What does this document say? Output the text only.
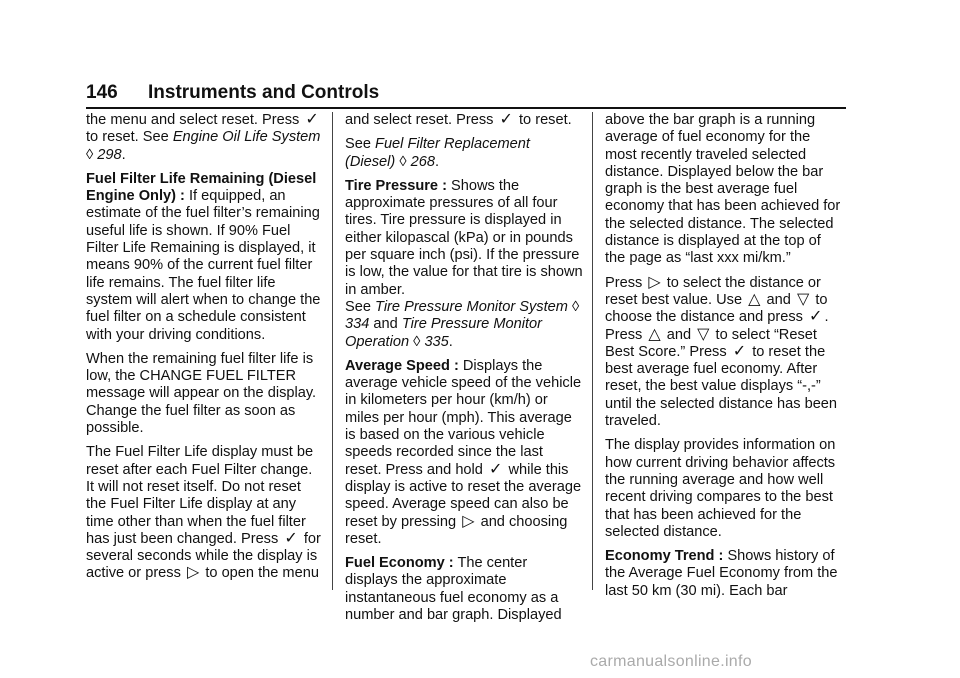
146 Instruments and Controls

the menu and select reset. Press ✓ to reset. See Engine Oil Life System ◊ 298.

Fuel Filter Life Remaining (Diesel Engine Only) : If equipped, an estimate of the fuel filter’s remaining useful life is shown. If 90% Fuel Filter Life Remaining is displayed, it means 90% of the current fuel filter life remains. The fuel filter life system will alert when to change the fuel filter on a schedule consistent with your driving conditions.

When the remaining fuel filter life is low, the CHANGE FUEL FILTER message will appear on the display. Change the fuel filter as soon as possible.

The Fuel Filter Life display must be reset after each Fuel Filter change. It will not reset itself. Do not reset the Fuel Filter Life display at any time other than when the fuel filter has just been changed. Press ✓ for several seconds while the display is active or press ▷ to open the menu

and select reset. Press ✓ to reset.

See Fuel Filter Replacement (Diesel) ◊ 268.

Tire Pressure : Shows the approximate pressures of all four tires. Tire pressure is displayed in either kilopascal (kPa) or in pounds per square inch (psi). If the pressure is low, the value for that tire is shown in amber.
See Tire Pressure Monitor System ◊ 334 and Tire Pressure Monitor Operation ◊ 335.

Average Speed : Displays the average vehicle speed of the vehicle in kilometers per hour (km/h) or miles per hour (mph). This average is based on the various vehicle speeds recorded since the last reset. Press and hold ✓ while this display is active to reset the average speed. Average speed can also be reset by pressing ▷ and choosing reset.

Fuel Economy : The center displays the approximate instantaneous fuel economy as a number and bar graph. Displayed

above the bar graph is a running average of fuel economy for the most recently traveled selected distance. Displayed below the bar graph is the best average fuel economy that has been achieved for the selected distance. The selected distance is displayed at the top of the page as “last xxx mi/km.”

Press ▷ to select the distance or reset best value. Use △ and ▽ to choose the distance and press ✓ .
Press △ and ▽ to select “Reset Best Score.” Press ✓ to reset the best average fuel economy. After reset, the best value displays “-,-” until the selected distance has been traveled.

The display provides information on how current driving behavior affects the running average and how well recent driving compares to the best that has been achieved for the selected distance.

Economy Trend : Shows history of the Average Fuel Economy from the last 50 km (30 mi). Each bar

carmanualsonline.info
